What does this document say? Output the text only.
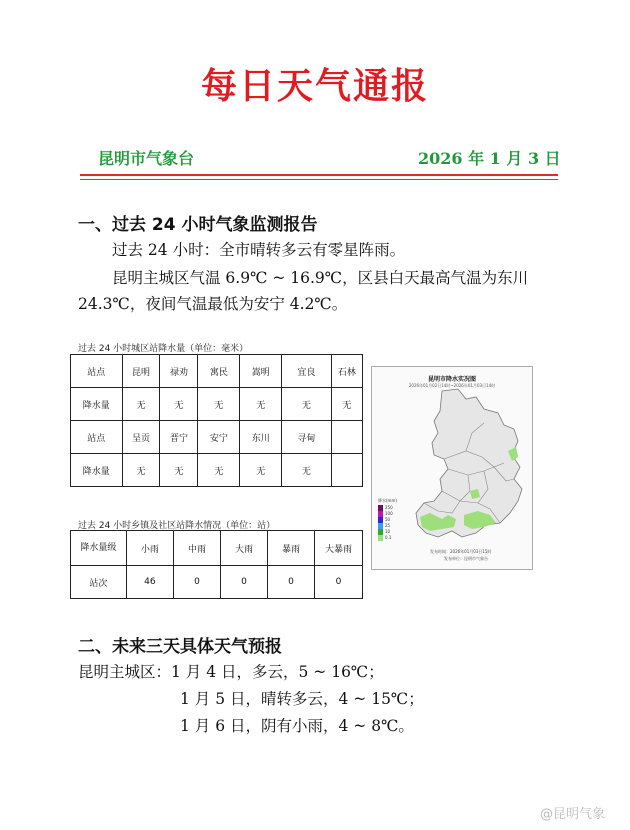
每日天气通报
昆明市气象台	2026 年 1 月 3 日
一、过去 24 小时气象监测报告
过去 24 小时：全市晴转多云有零星阵雨。
昆明主城区气温 6.9℃ ~ 16.9℃，区县白天最高气温为东川
24.3℃，夜间气温最低为安宁 4.2℃。
过去 24 小时城区站降水量（单位：毫米）
站点	昆明	禄劝	寓民	嵩明	宜良	石林
降水量	无	无	无	无	无	无
站点	呈贡	晋宁	安宁	东川	寻甸	
降水量	无	无	无	无	无	
过去 24 小时乡镇及社区站降水情况（单位：站）
降水量级	小雨	中雨	大雨	暴雨	大暴雨
站次	46	0	0	0	0
昆明市降水实况图
2026年01月02日14时~2026年01月03日14时
降水(mm)
250
100
50
25
10
0.1
发布时间：2026年01月03日15时
发布单位：昆明市气象台
二、未来三天具体天气预报
昆明主城区：1 月 4 日，多云，5 ~ 16℃；
1 月 5 日，晴转多云，4 ~ 15℃；
1 月 6 日，阴有小雨，4 ~ 8℃。
@昆明气象
